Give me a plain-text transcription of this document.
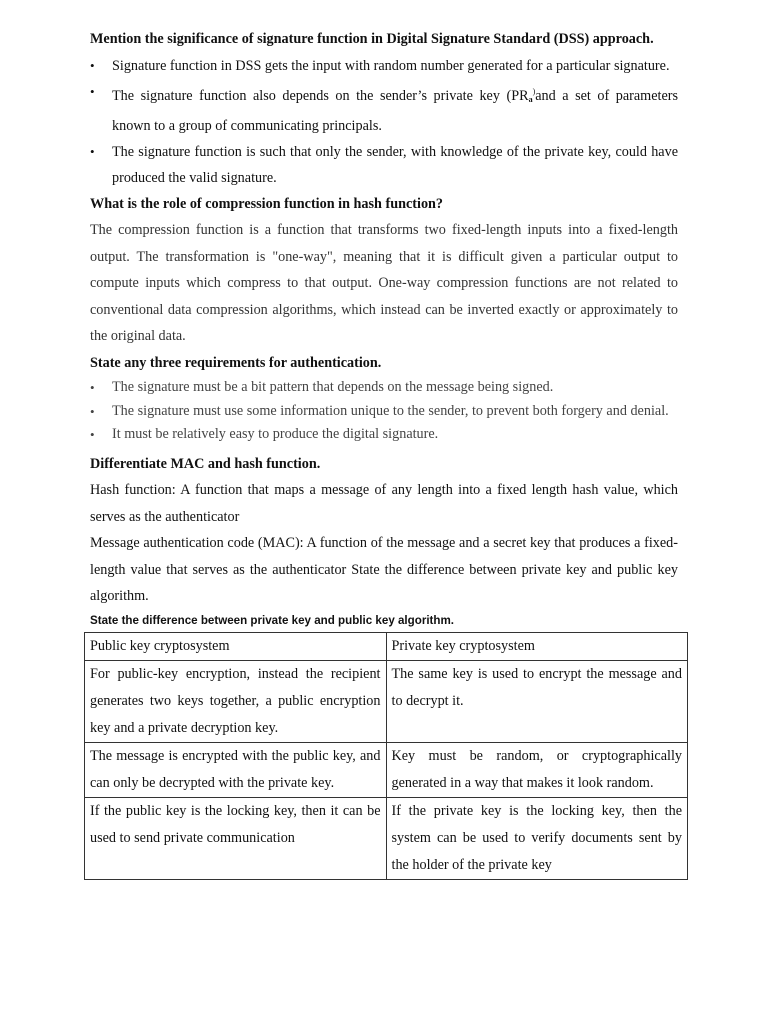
Mention the significance of signature function in Digital Signature Standard (DSS) approach.

• Signature function in DSS gets the input with random number generated for a particular signature.
• The signature function also depends on the sender’s private key ($PR_a^)and$ a set of parameters known to a group of communicating principals.
• The signature function is such that only the sender, with knowledge of the private key, could have produced the valid signature.

What is the role of compression function in hash function?

The compression function is a function that transforms two fixed-length inputs into a fixed-length output. The transformation is "one-way", meaning that it is difficult given a particular output to compute inputs which compress to that output. One-way compression functions are not related to conventional data compression algorithms, which instead can be inverted exactly or approximately to the original data.

State any three requirements for authentication.

• The signature must be a bit pattern that depends on the message being signed.
• The signature must use some information unique to the sender, to prevent both forgery and denial.
• It must be relatively easy to produce the digital signature.

Differentiate MAC and hash function.

Hash function: A function that maps a message of any length into a fixed length hash value, which serves as the authenticator

Message authentication code (MAC): A function of the message and a secret key that produces a fixed-length value that serves as the authenticator State the difference between private key and public key algorithm.

State the difference between private key and public key algorithm.

Public key cryptosystem	Private key cryptosystem
For public-key encryption, instead the recipient generates two keys together, a public encryption key and a private decryption key.	The same key is used to encrypt the message and to decrypt it.
The message is encrypted with the public key, and can only be decrypted with the private key.	Key must be random, or cryptographically generated in a way that makes it look random.
If the public key is the locking key, then it can be used to send private communication	If the private key is the locking key, then the system can be used to verify documents sent by the holder of the private key
